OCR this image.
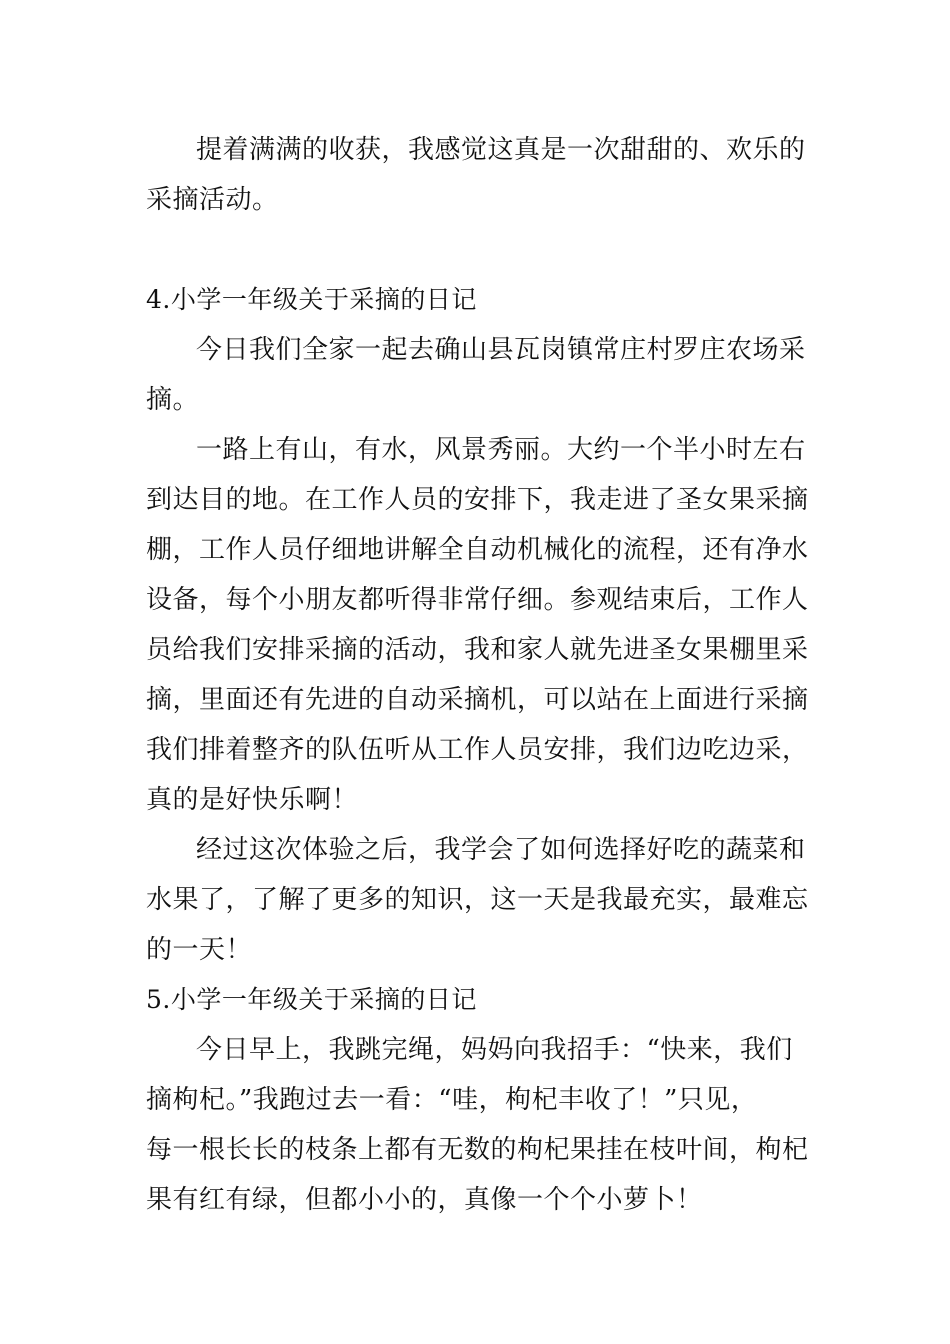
提着满满的收获，我感觉这真是一次甜甜的、欢乐的
采摘活动。
4.小学一年级关于采摘的日记
今日我们全家一起去确山县瓦岗镇常庄村罗庄农场采
摘。
一路上有山，有水，风景秀丽。大约一个半小时左右
到达目的地。在工作人员的安排下，我走进了圣女果采摘
棚，工作人员仔细地讲解全自动机械化的流程，还有净水
设备，每个小朋友都听得非常仔细。参观结束后，工作人
员给我们安排采摘的活动，我和家人就先进圣女果棚里采
摘，里面还有先进的自动采摘机，可以站在上面进行采摘
我们排着整齐的队伍听从工作人员安排，我们边吃边采，
真的是好快乐啊！
经过这次体验之后，我学会了如何选择好吃的蔬菜和
水果了，了解了更多的知识，这一天是我最充实，最难忘
的一天！
5.小学一年级关于采摘的日记
今日早上，我跳完绳，妈妈向我招手：“快来，我们
摘枸杞。”我跑过去一看：“哇，枸杞丰收了！”只见，
每一根长长的枝条上都有无数的枸杞果挂在枝叶间，枸杞
果有红有绿，但都小小的，真像一个个小萝卜！
